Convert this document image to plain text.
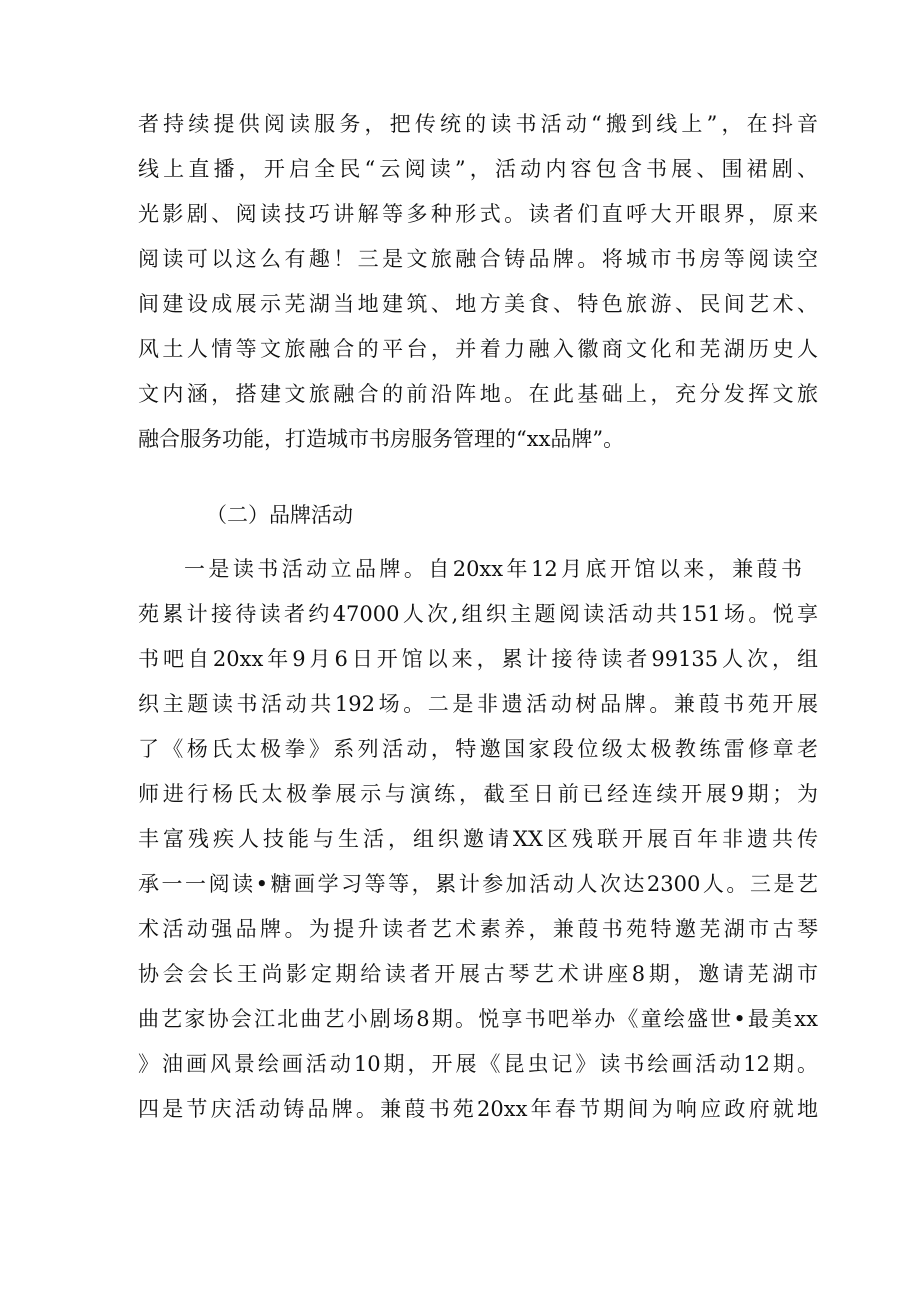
者持续提供阅读服务，把传统的读书活动“搬到线上”，在抖音
线上直播，开启全民“云阅读”，活动内容包含书展、围裙剧、
光影剧、阅读技巧讲解等多种形式。读者们直呼大开眼界，原来
阅读可以这么有趣！三是文旅融合铸品牌。将城市书房等阅读空
间建设成展示芜湖当地建筑、地方美食、特色旅游、民间艺术、
风土人情等文旅融合的平台，并着力融入徽商文化和芜湖历史人
文内涵，搭建文旅融合的前沿阵地。在此基础上，充分发挥文旅
融合服务功能，打造城市书房服务管理的“xx品牌”。
（二）品牌活动
一是读书活动立品牌。自20xx年12月底开馆以来，兼葭书
苑累计接待读者约47000人次,组织主题阅读活动共151场。悦享
书吧自20xx年9月6日开馆以来，累计接待读者99135人次，组
织主题读书活动共192场。二是非遗活动树品牌。兼葭书苑开展
了《杨氏太极拳》系列活动，特邀国家段位级太极教练雷修章老
师进行杨氏太极拳展示与演练，截至日前已经连续开展9期；为
丰富残疾人技能与生活，组织邀请XX区残联开展百年非遗共传
承一一阅读•糖画学习等等，累计参加活动人次达2300人。三是艺
术活动强品牌。为提升读者艺术素养，兼葭书苑特邀芜湖市古琴
协会会长王尚影定期给读者开展古琴艺术讲座8期，邀请芜湖市
曲艺家协会江北曲艺小剧场8期。悦享书吧举办《童绘盛世•最美xx
》油画风景绘画活动10期，开展《昆虫记》读书绘画活动12期。
四是节庆活动铸品牌。兼葭书苑20xx年春节期间为响应政府就地
